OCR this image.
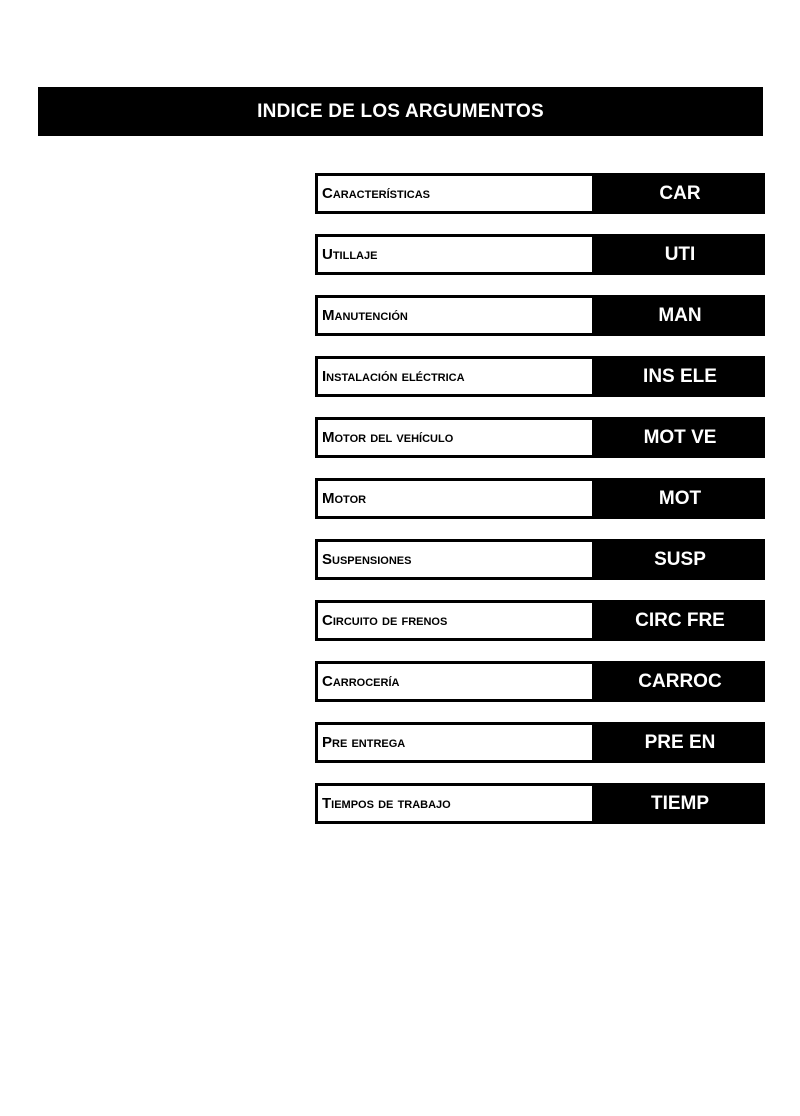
INDICE DE LOS ARGUMENTOS
Características	CAR
Utillaje	UTI
Manutención	MAN
Instalación eléctrica	INS ELE
Motor del vehículo	MOT VE
Motor	MOT
Suspensiones	SUSP
Circuito de frenos	CIRC FRE
Carrocería	CARROC
Pre entrega	PRE EN
Tiempos de trabajo	TIEMP
